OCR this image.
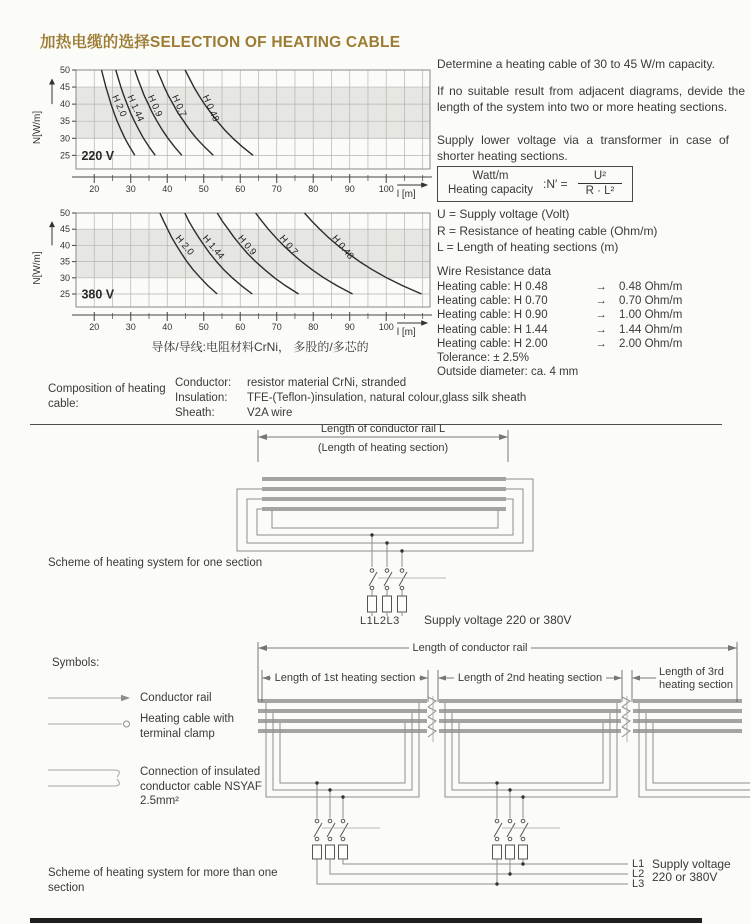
加热电缆的选择SELECTION OF HEATING CABLE
25
30
35
40
45
50
20	30	40	50	60	70	80	90	100
N[W/m]
l [m]
220 V
H 2.0
H 1.44
H 0.9 H 0.7 H 0.48
25
30
35
40
45
50
20	30	40	50	60	70	80	90	100
N[W/m]
l [m]
380 V
H 2.0 H 1.44 H 0.9 H 0.7	H 0.48
导体/导线:电阻材料CrNi， 多股的/多芯的
Determine a heating cable of 30 to 45 W/m capacity.
If no suitable result from adjacent diagrams, devide the length of the system into two or more heating sections.
Supply lower voltage via a transformer in case of shorter heating sections.
Watt/m
Heating capacity :N′ = $\frac{\text{U²}}{\text{R · L²}}$
U = Supply voltage (Volt)
R = Resistance of heating cable (Ohm/m)
L = Length of heating sections (m)
Wire Resistance data
Heating cable: H 0.48	→	0.48 Ohm/m
Heating cable: H 0.70	→	0.70 Ohm/m
Heating cable: H 0.90	→	1.00 Ohm/m
Heating cable: H 1.44	→	1.44 Ohm/m
Heating cable: H 2.00	→	2.00 Ohm/m
Tolerance: ± 2.5%
Outside diameter: ca. 4 mm
Composition of heating cable:
Conductor: resistor material CrNi, stranded
Insulation: TFE-(Teflon-)insulation, natural colour,glass silk sheath
Sheath:	V2A wire
Length of conductor rail L
(Length of heating section)
Scheme of heating system for one section
L1L2L3 Supply voltage 220 or 380V
Symbols:
Conductor rail
Heating cable with terminal clamp
Connection of insulated conductor cable NSYAF 2.5mm²
Length of conductor rail
Length of 1st heating section	Length of 2nd heating section	Length of 3rd heating section
L1
L2
L3
Supply voltage
220 or 380V
Scheme of heating system for more than one section
